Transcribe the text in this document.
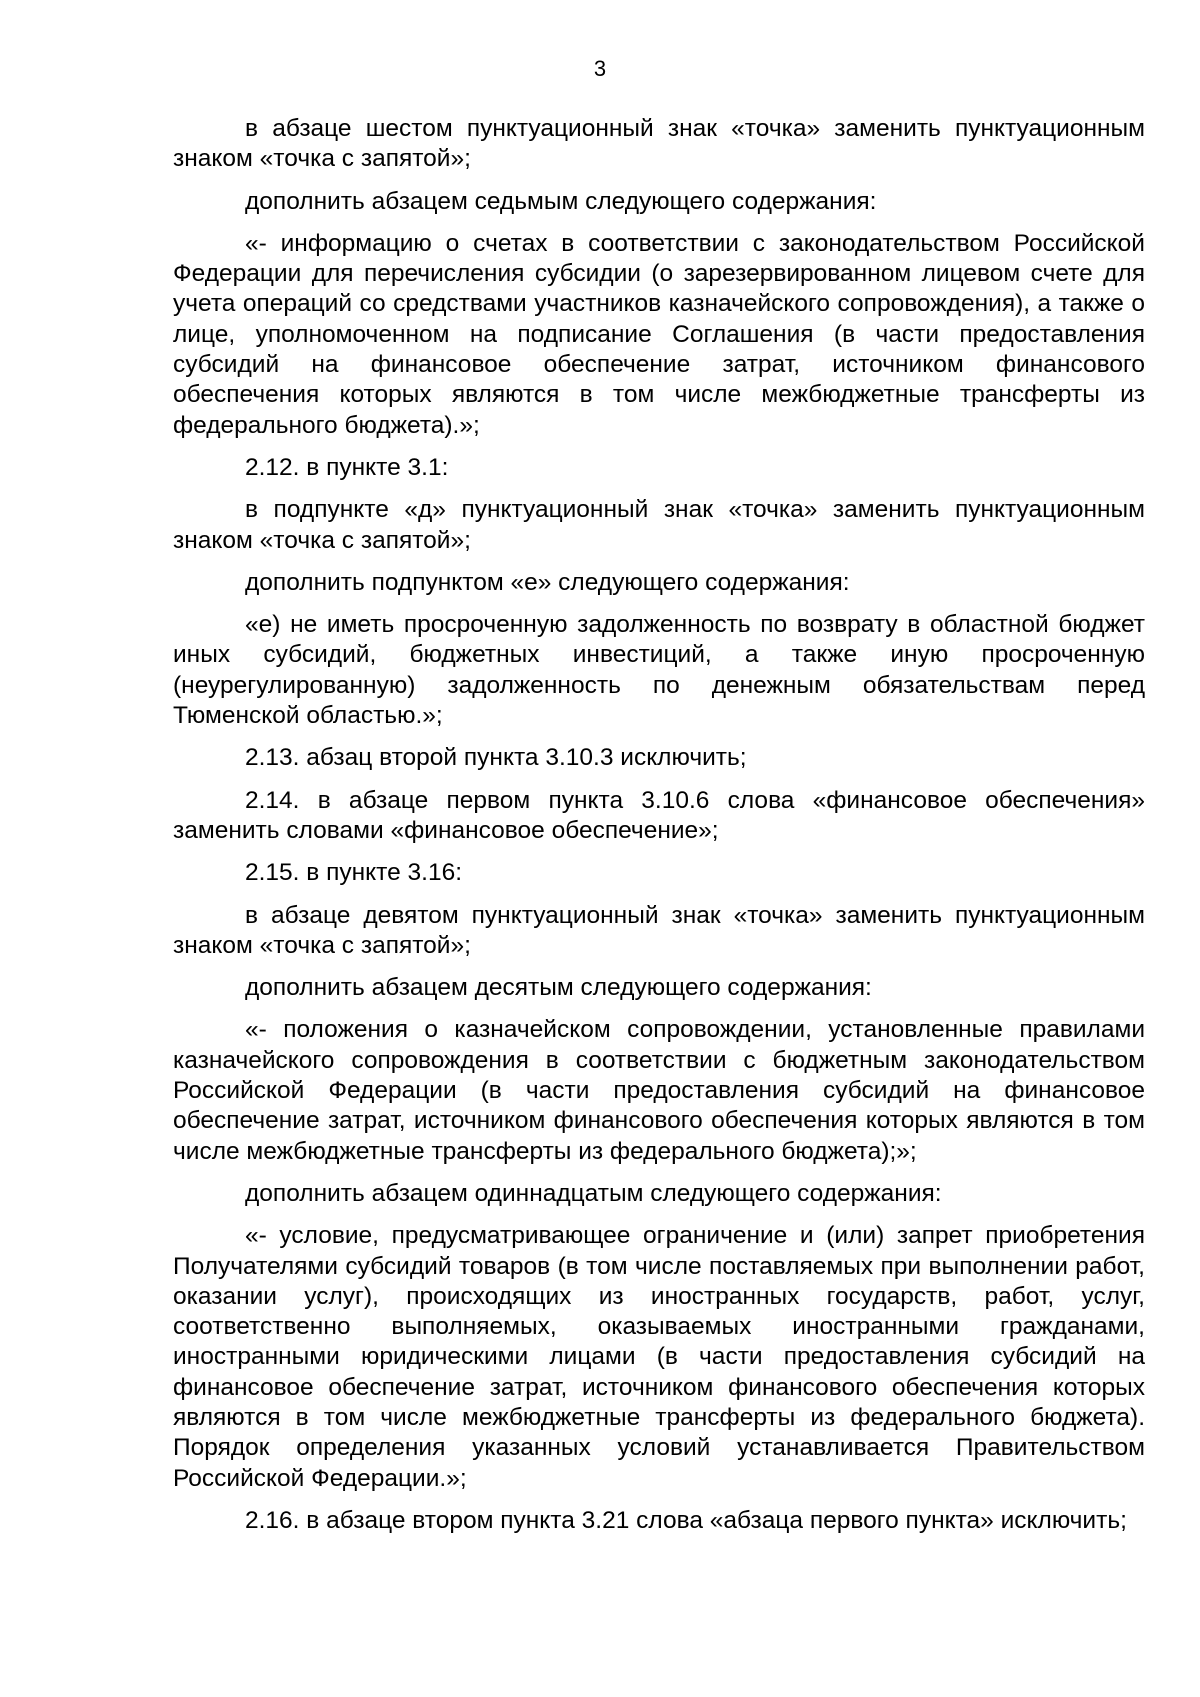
3

в абзаце шестом пунктуационный знак «точка» заменить пунктуационным знаком «точка с запятой»;

дополнить абзацем седьмым следующего содержания:

«- информацию о счетах в соответствии с законодательством Российской Федерации для перечисления субсидии (о зарезервированном лицевом счете для учета операций со средствами участников казначейского сопровождения), а также о лице, уполномоченном на подписание Соглашения (в части предоставления субсидий на финансовое обеспечение затрат, источником финансового обеспечения которых являются в том числе межбюджетные трансферты из федерального бюджета).»;

2.12. в пункте 3.1:

в подпункте «д» пунктуационный знак «точка» заменить пунктуационным знаком «точка с запятой»;

дополнить подпунктом «е» следующего содержания:

«е) не иметь просроченную задолженность по возврату в областной бюджет иных субсидий, бюджетных инвестиций, а также иную просроченную (неурегулированную) задолженность по денежным обязательствам перед Тюменской областью.»;

2.13. абзац второй пункта 3.10.3 исключить;

2.14. в абзаце первом пункта 3.10.6 слова «финансовое обеспечения» заменить словами «финансовое обеспечение»;

2.15. в пункте 3.16:

в абзаце девятом пунктуационный знак «точка» заменить пунктуационным знаком «точка с запятой»;

дополнить абзацем десятым следующего содержания:

«- положения о казначейском сопровождении, установленные правилами казначейского сопровождения в соответствии с бюджетным законодательством Российской Федерации (в части предоставления субсидий на финансовое обеспечение затрат, источником финансового обеспечения которых являются в том числе межбюджетные трансферты из федерального бюджета);»;

дополнить абзацем одиннадцатым следующего содержания:

«- условие, предусматривающее ограничение и (или) запрет приобретения Получателями субсидий товаров (в том числе поставляемых при выполнении работ, оказании услуг), происходящих из иностранных государств, работ, услуг, соответственно выполняемых, оказываемых иностранными гражданами, иностранными юридическими лицами (в части предоставления субсидий на финансовое обеспечение затрат, источником финансового обеспечения которых являются в том числе межбюджетные трансферты из федерального бюджета). Порядок определения указанных условий устанавливается Правительством Российской Федерации.»;

2.16. в абзаце втором пункта 3.21 слова «абзаца первого пункта» исключить;
